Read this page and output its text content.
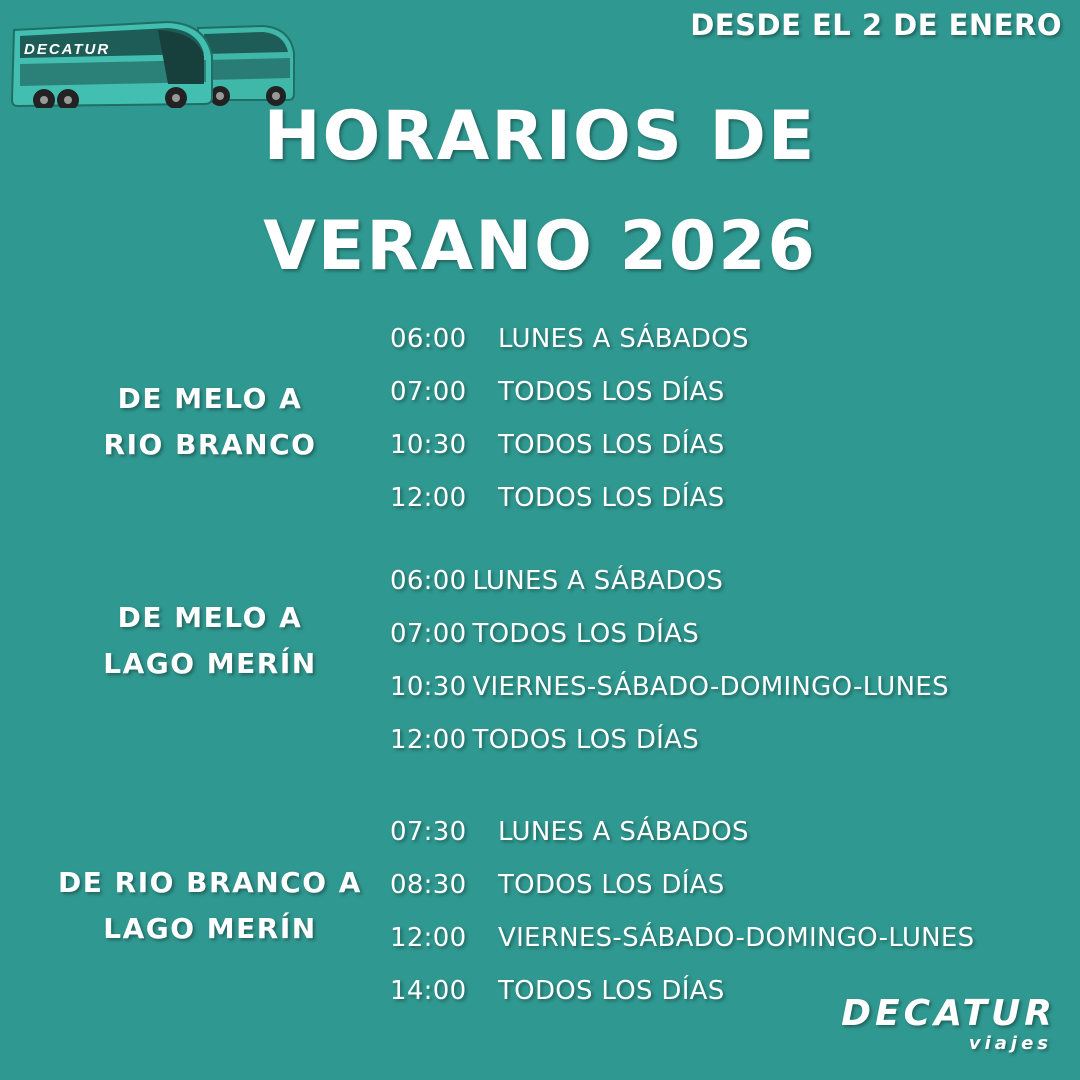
DECATUR
DESDE EL 2 DE ENERO
HORARIOS DE
VERANO 2026
DE MELO A
RIO BRANCO
06:00 LUNES A SÁBADOS
07:00 TODOS LOS DÍAS
10:30 TODOS LOS DÍAS
12:00 TODOS LOS DÍAS
DE MELO A
LAGO MERÍN
06:00 LUNES A SÁBADOS
07:00 TODOS LOS DÍAS
10:30 VIERNES-SÁBADO-DOMINGO-LUNES
12:00 TODOS LOS DÍAS
DE RIO BRANCO A
LAGO MERÍN
07:30 LUNES A SÁBADOS
08:30 TODOS LOS DÍAS
12:00 VIERNES-SÁBADO-DOMINGO-LUNES
14:00 TODOS LOS DÍAS
DECATUR
viajes
